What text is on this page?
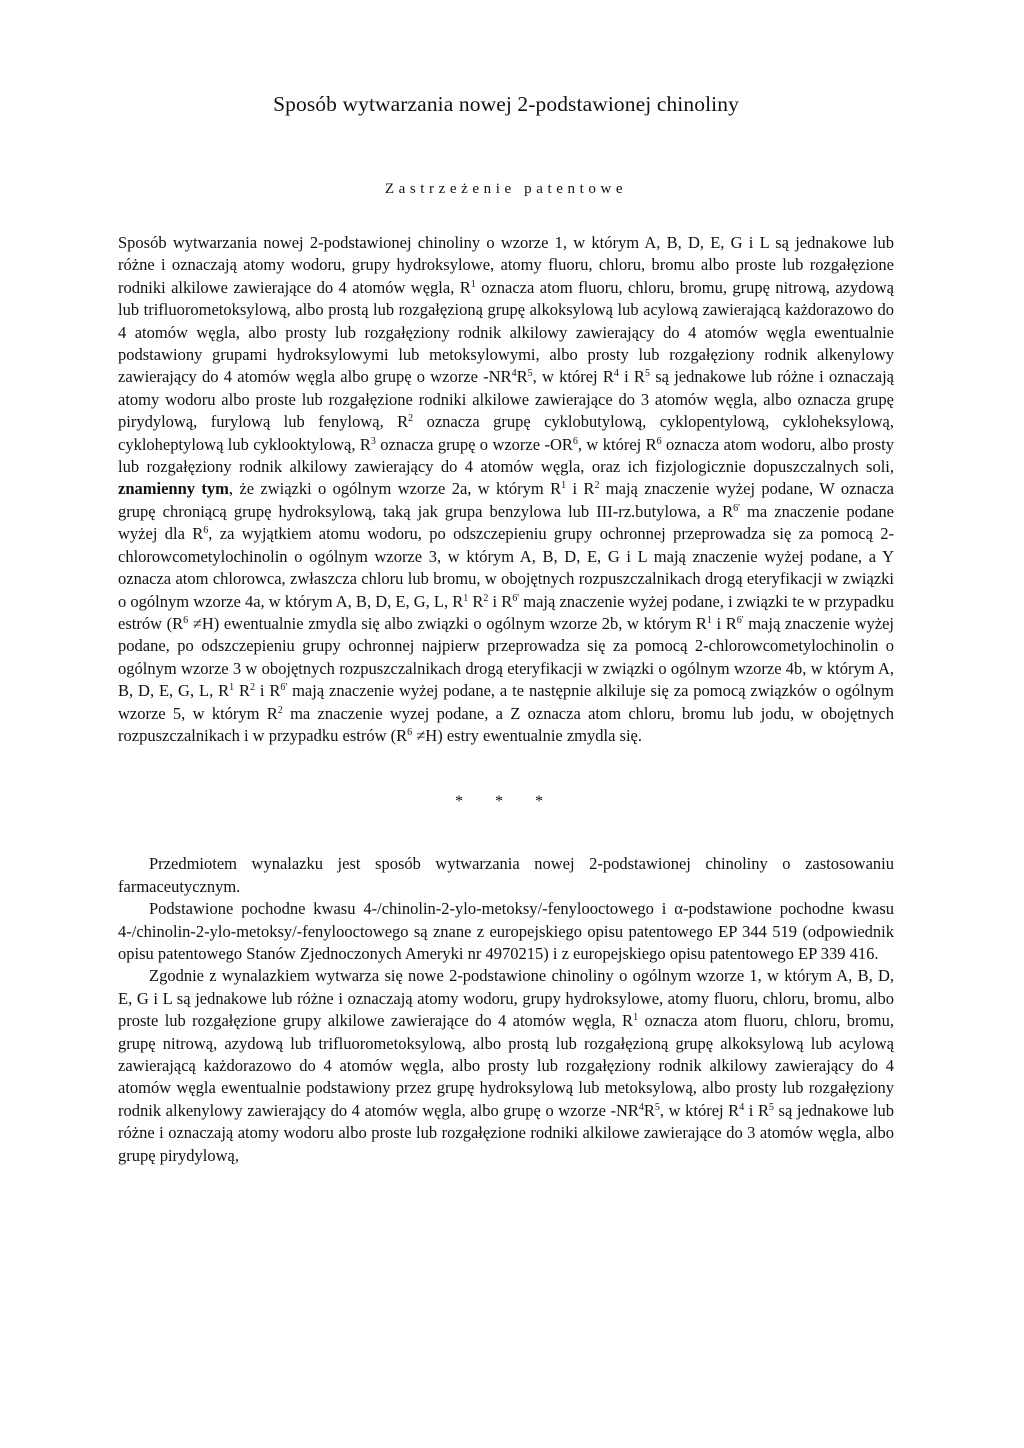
Sposób wytwarzania nowej 2-podstawionej chinoliny
Zastrzeżenie patentowe

Sposób wytwarzania nowej 2-podstawionej chinoliny o wzorze 1, w którym A, B, D, E, G i L są jednakowe lub różne i oznaczają atomy wodoru, grupy hydroksylowe, atomy fluoru, chloru, bromu albo proste lub rozgałęzione rodniki alkilowe zawierające do 4 atomów węgla, $R^1$ oznacza atom fluoru, chloru, bromu, grupę nitrową, azydową lub trifluorometoksylową, albo prostą lub rozgałęzioną grupę alkoksylową lub acylową zawierającą każdorazowo do 4 atomów węgla, albo prosty lub rozgałęziony rodnik alkilowy zawierający do 4 atomów węgla ewentualnie podstawiony grupami hydroksylowymi lub metoksylowymi, albo prosty lub rozgałęziony rodnik alkenylowy zawierający do 4 atomów węgla albo grupę o wzorze $-NR^4R^5$, w której $R^4$ i $R^5$ są jednakowe lub różne i oznaczają atomy wodoru albo proste lub rozgałęzione rodniki alkilowe zawierające do 3 atomów węgla, albo oznacza grupę pirydylową, furylową lub fenylową, $R^2$ oznacza grupę cyklobutylową, cyklopentylową, cykloheksylową, cykloheptylową lub cyklooktylową, $R^3$ oznacza grupę o wzorze $-OR^6$, w której $R^6$ oznacza atom wodoru, albo prosty lub rozgałęziony rodnik alkilowy zawierający do 4 atomów węgla, oraz ich fizjologicznie dopuszczalnych soli, znamienny tym, że związki o ogólnym wzorze 2a, w którym $R^1$ i $R^2$ mają znaczenie wyżej podane, W oznacza grupę chroniącą grupę hydroksylową, taką jak grupa benzylowa lub III-rz.butylowa, a $R^{6'}$ ma znaczenie podane wyżej dla $R^6$, za wyjątkiem atomu wodoru, po odszczepieniu grupy ochronnej przeprowadza się za pomocą 2-chlorowcometylochinolin o ogólnym wzorze 3, w którym A, B, D, E, G i L mają znaczenie wyżej podane, a Y oznacza atom chlorowca, zwłaszcza chloru lub bromu, w obojętnych rozpuszczalnikach drogą eteryfikacji w związki o ogólnym wzorze 4a, w którym A, B, D, E, G, L, $R^1$ $R^2$ i $R^{6'}$ mają znaczenie wyżej podane, i związki te w przypadku estrów $(R^6 \ne H)$ ewentualnie zmydla się albo związki o ogólnym wzorze 2b, w którym $R^1$ i $R^{6'}$ mają znaczenie wyżej podane, po odszczepieniu grupy ochronnej najpierw przeprowadza się za pomocą 2-chlorowcometylochinolin o ogólnym wzorze 3 w obojętnych rozpuszczalnikach drogą eteryfikacji w związki o ogólnym wzorze 4b, w którym A, B, D, E, G, L, $R^1$ $R^2$ i $R^{6'}$ mają znaczenie wyżej podane, a te następnie alkiluje się za pomocą związków o ogólnym wzorze 5, w którym $R^2$ ma znaczenie wyzej podane, a Z oznacza atom chloru, bromu lub jodu, w obojętnych rozpuszczalnikach i w przypadku estrów $(R^6 \ne H)$ estry ewentualnie zmydla się.

* * *

Przedmiotem wynalazku jest sposób wytwarzania nowej 2-podstawionej chinoliny o zastosowaniu farmaceutycznym.

Podstawione pochodne kwasu 4-/chinolin-2-ylo-metoksy/-fenylooctowego i α-podstawione pochodne kwasu 4-/chinolin-2-ylo-metoksy/-fenylooctowego są znane z europejskiego opisu patentowego EP 344 519 (odpowiednik opisu patentowego Stanów Zjednoczonych Ameryki nr 4970215) i z europejskiego opisu patentowego EP 339 416.

Zgodnie z wynalazkiem wytwarza się nowe 2-podstawione chinoliny o ogólnym wzorze 1, w którym A, B, D, E, G i L są jednakowe lub różne i oznaczają atomy wodoru, grupy hydroksylowe, atomy fluoru, chloru, bromu, albo proste lub rozgałęzione grupy alkilowe zawierające do 4 atomów węgla, $R^1$ oznacza atom fluoru, chloru, bromu, grupę nitrową, azydową lub trifluorometoksylową, albo prostą lub rozgałęzioną grupę alkoksylową lub acylową zawierającą każdorazowo do 4 atomów węgla, albo prosty lub rozgałęziony rodnik alkilowy zawierający do 4 atomów węgla ewentualnie podstawiony przez grupę hydroksylową lub metoksylową, albo prosty lub rozgałęziony rodnik alkenylowy zawierający do 4 atomów węgla, albo grupę o wzorze $-NR^4R^5$, w której $R^4$ i $R^5$ są jednakowe lub różne i oznaczają atomy wodoru albo proste lub rozgałęzione rodniki alkilowe zawierające do 3 atomów węgla, albo grupę pirydylową,
